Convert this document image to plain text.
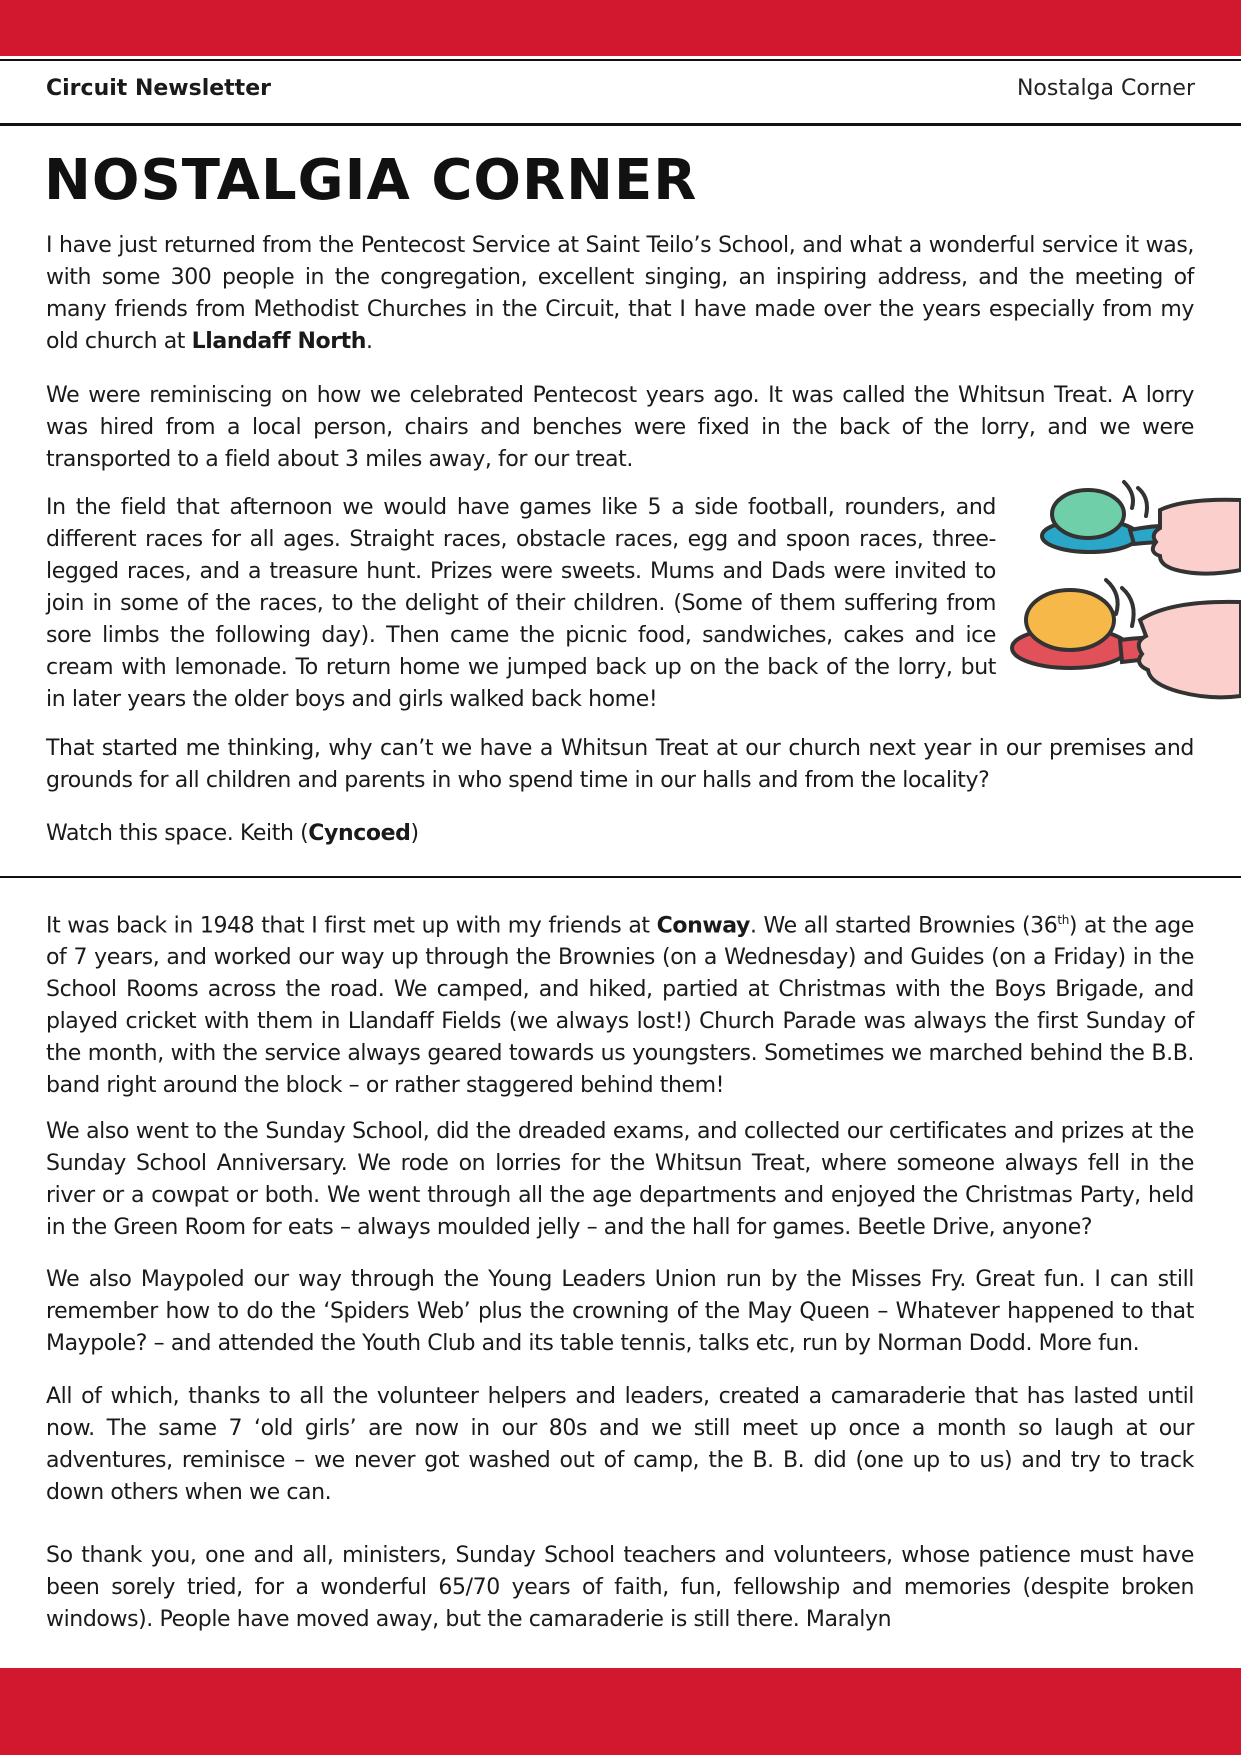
Circuit Newsletter	Nostalga Corner
NOSTALGIA CORNER

I have just returned from the Pentecost Service at Saint Teilo’s School, and what a wonderful service it was, with some 300 people in the congregation, excellent singing, an inspiring address, and the meeting of many friends from Methodist Churches in the Circuit, that I have made over the years especially from my old church at Llandaff North.

We were reminiscing on how we celebrated Pentecost years ago. It was called the Whitsun Treat. A lorry was hired from a local person, chairs and benches were fixed in the back of the lorry, and we were transported to a field about 3 miles away, for our treat.

In the field that afternoon we would have games like 5 a side football, rounders, and different races for all ages. Straight races, obstacle races, egg and spoon races, three-legged races, and a treasure hunt. Prizes were sweets. Mums and Dads were invited to join in some of the races, to the delight of their children. (Some of them suffering from sore limbs the following day). Then came the picnic food, sandwiches, cakes and ice cream with lemonade. To return home we jumped back up on the back of the lorry, but in later years the older boys and girls walked back home!

That started me thinking, why can’t we have a Whitsun Treat at our church next year in our premises and grounds for all children and parents in who spend time in our halls and from the locality?

Watch this space. Keith (Cyncoed)

It was back in 1948 that I first met up with my friends at Conway. We all started Brownies (36th) at the age of 7 years, and worked our way up through the Brownies (on a Wednesday) and Guides (on a Friday) in the School Rooms across the road. We camped, and hiked, partied at Christmas with the Boys Brigade, and played cricket with them in Llandaff Fields (we always lost!) Church Parade was always the first Sunday of the month, with the service always geared towards us youngsters. Sometimes we marched behind the B.B. band right around the block – or rather staggered behind them!

We also went to the Sunday School, did the dreaded exams, and collected our certificates and prizes at the Sunday School Anniversary. We rode on lorries for the Whitsun Treat, where someone always fell in the river or a cowpat or both. We went through all the age departments and enjoyed the Christmas Party, held in the Green Room for eats – always moulded jelly – and the hall for games. Beetle Drive, anyone?

We also Maypoled our way through the Young Leaders Union run by the Misses Fry. Great fun. I can still remember how to do the ‘Spiders Web’ plus the crowning of the May Queen – Whatever happened to that Maypole? – and attended the Youth Club and its table tennis, talks etc, run by Norman Dodd. More fun.

All of which, thanks to all the volunteer helpers and leaders, created a camaraderie that has lasted until now. The same 7 ‘old girls’ are now in our 80s and we still meet up once a month so laugh at our adventures, reminisce – we never got washed out of camp, the B. B. did (one up to us) and try to track down others when we can.

So thank you, one and all, ministers, Sunday School teachers and volunteers, whose patience must have been sorely tried, for a wonderful 65/70 years of faith, fun, fellowship and memories (despite broken windows). People have moved away, but the camaraderie is still there. Maralyn
